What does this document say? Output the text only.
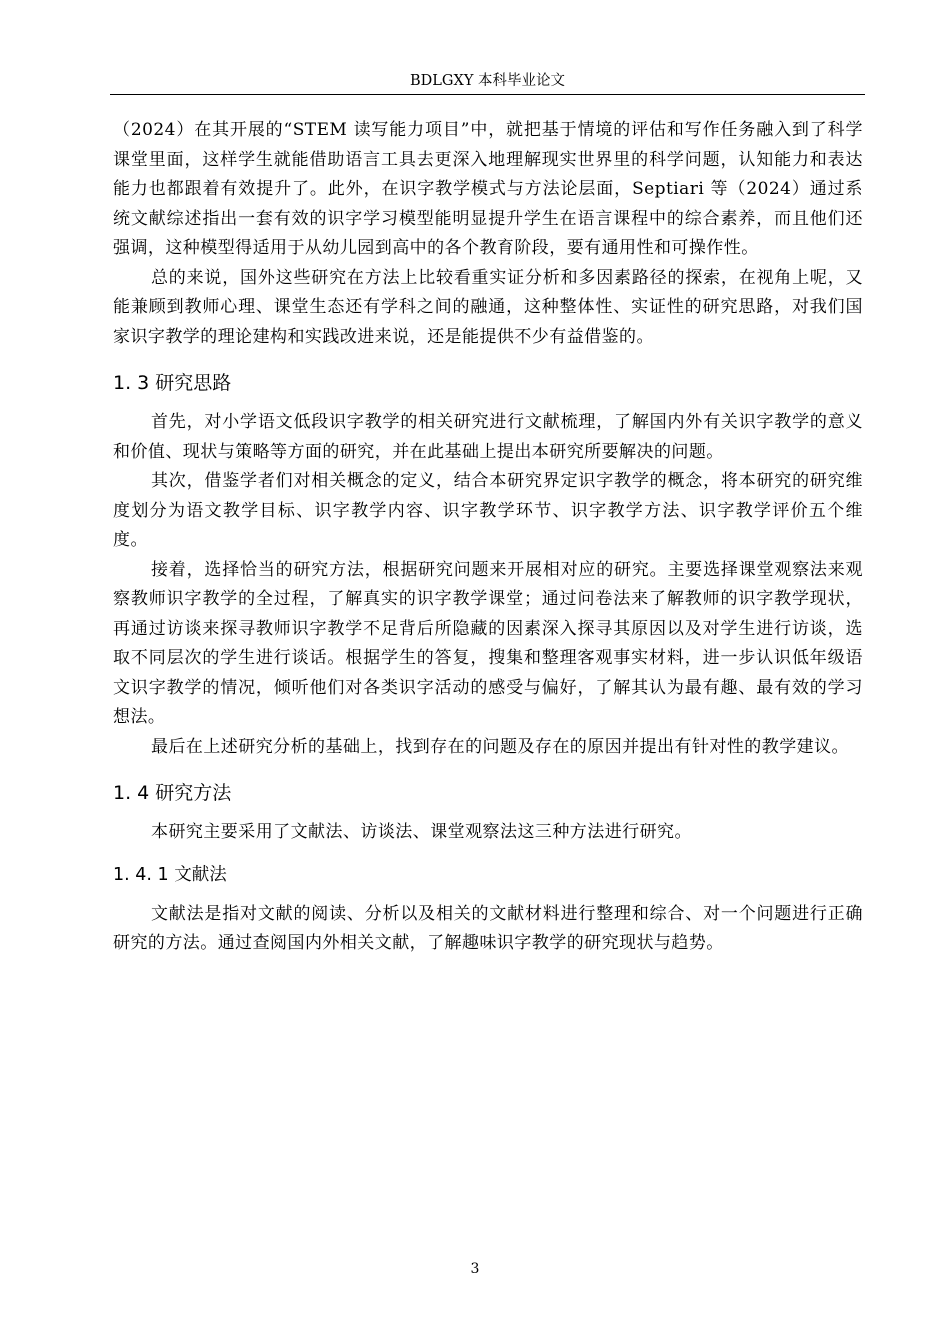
BDLGXY 本科毕业论文

（2024）在其开展的“STEM 读写能力项目”中，就把基于情境的评估和写作任务融入到了科学课堂里面，这样学生就能借助语言工具去更深入地理解现实世界里的科学问题，认知能力和表达能力也都跟着有效提升了。此外，在识字教学模式与方法论层面，Septiari 等（2024）通过系统文献综述指出一套有效的识字学习模型能明显提升学生在语言课程中的综合素养，而且他们还强调，这种模型得适用于从幼儿园到高中的各个教育阶段，要有通用性和可操作性。

总的来说，国外这些研究在方法上比较看重实证分析和多因素路径的探索，在视角上呢，又能兼顾到教师心理、课堂生态还有学科之间的融通，这种整体性、实证性的研究思路，对我们国家识字教学的理论建构和实践改进来说，还是能提供不少有益借鉴的。

1. 3 研究思路

首先，对小学语文低段识字教学的相关研究进行文献梳理，了解国内外有关识字教学的意义和价值、现状与策略等方面的研究，并在此基础上提出本研究所要解决的问题。

其次，借鉴学者们对相关概念的定义，结合本研究界定识字教学的概念，将本研究的研究维度划分为语文教学目标、识字教学内容、识字教学环节、识字教学方法、识字教学评价五个维度。

接着，选择恰当的研究方法，根据研究问题来开展相对应的研究。主要选择课堂观察法来观察教师识字教学的全过程，了解真实的识字教学课堂；通过问卷法来了解教师的识字教学现状，再通过访谈来探寻教师识字教学不足背后所隐藏的因素深入探寻其原因以及对学生进行访谈，选取不同层次的学生进行谈话。根据学生的答复，搜集和整理客观事实材料，进一步认识低年级语文识字教学的情况，倾听他们对各类识字活动的感受与偏好，了解其认为最有趣、最有效的学习想法。

最后在上述研究分析的基础上，找到存在的问题及存在的原因并提出有针对性的教学建议。

1. 4 研究方法

本研究主要采用了文献法、访谈法、课堂观察法这三种方法进行研究。

1. 4. 1 文献法

文献法是指对文献的阅读、分析以及相关的文献材料进行整理和综合、对一个问题进行正确研究的方法。通过查阅国内外相关文献，了解趣味识字教学的研究现状与趋势。

3
